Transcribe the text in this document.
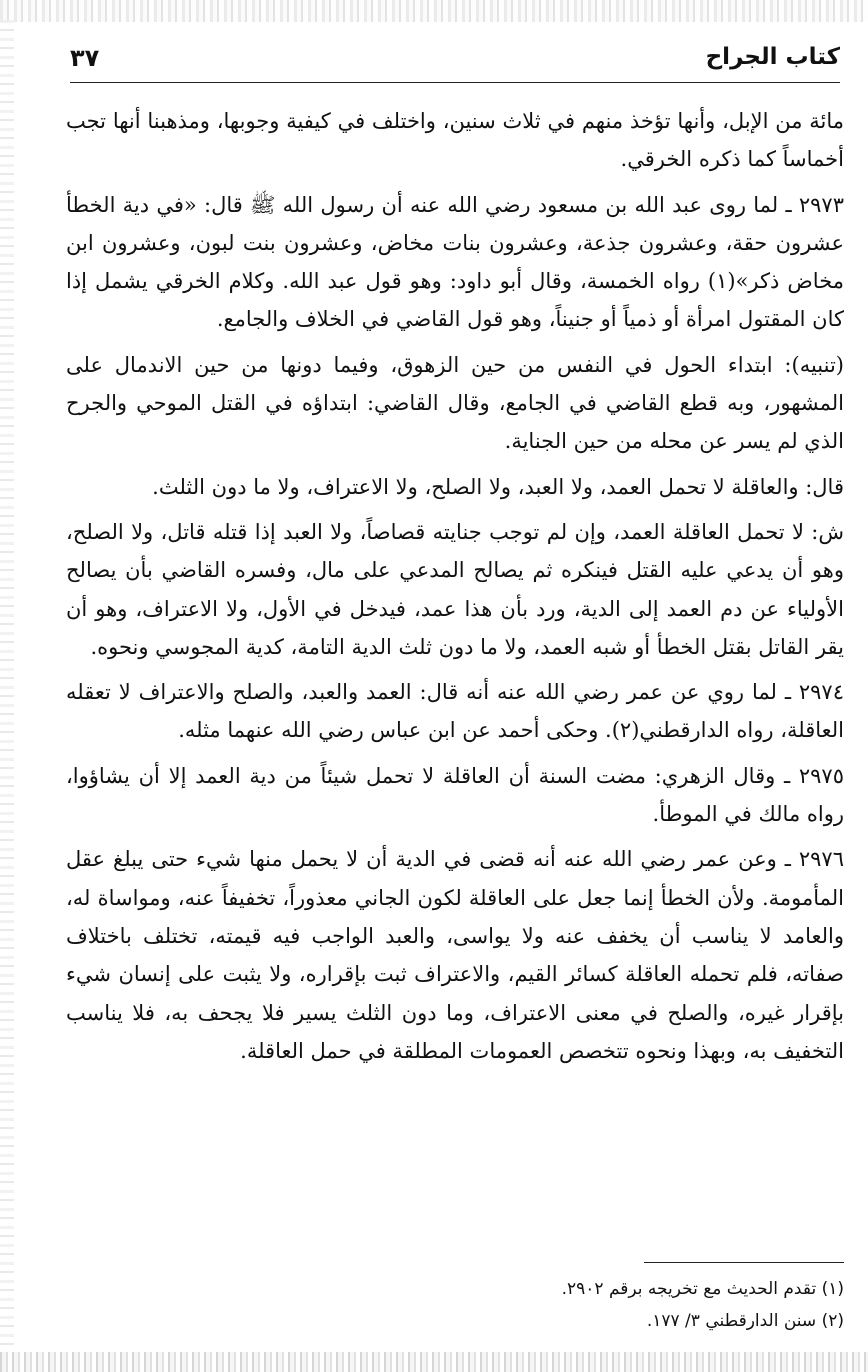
٣٧	كتاب الجراح

مائة من الإبل، وأنها تؤخذ منهم في ثلاث سنين، واختلف في كيفية وجوبها، ومذهبنا أنها تجب أخماساً كما ذكره الخرقي.

٢٩٧٣ ـ لما روى عبد الله بن مسعود رضي الله عنه أن رسول الله ﷺ قال: «في دية الخطأ عشرون حقة، وعشرون جذعة، وعشرون بنات مخاض، وعشرون بنت لبون، وعشرون ابن مخاض ذكر»(١) رواه الخمسة، وقال أبو داود: وهو قول عبد الله. وكلام الخرقي يشمل إذا كان المقتول امرأة أو ذمياً أو جنيناً، وهو قول القاضي في الخلاف والجامع.

(تنبيه): ابتداء الحول في النفس من حين الزهوق، وفيما دونها من حين الاندمال على المشهور، وبه قطع القاضي في الجامع، وقال القاضي: ابتداؤه في القتل الموحي والجرح الذي لم يسر عن محله من حين الجناية.

قال: والعاقلة لا تحمل العمد، ولا العبد، ولا الصلح، ولا الاعتراف، ولا ما دون الثلث.

ش: لا تحمل العاقلة العمد، وإن لم توجب جنايته قصاصاً، ولا العبد إذا قتله قاتل، ولا الصلح، وهو أن يدعي عليه القتل فينكره ثم يصالح المدعي على مال، وفسره القاضي بأن يصالح الأولياء عن دم العمد إلى الدية، ورد بأن هذا عمد، فيدخل في الأول، ولا الاعتراف، وهو أن يقر القاتل بقتل الخطأ أو شبه العمد، ولا ما دون ثلث الدية التامة، كدية المجوسي ونحوه.

٢٩٧٤ ـ لما روي عن عمر رضي الله عنه أنه قال: العمد والعبد، والصلح والاعتراف لا تعقله العاقلة، رواه الدارقطني(٢). وحكى أحمد عن ابن عباس رضي الله عنهما مثله.

٢٩٧٥ ـ وقال الزهري: مضت السنة أن العاقلة لا تحمل شيئاً من دية العمد إلا أن يشاؤوا، رواه مالك في الموطأ.

٢٩٧٦ ـ وعن عمر رضي الله عنه أنه قضى في الدية أن لا يحمل منها شيء حتى يبلغ عقل المأمومة. ولأن الخطأ إنما جعل على العاقلة لكون الجاني معذوراً، تخفيفاً عنه، ومواساة له، والعامد لا يناسب أن يخفف عنه ولا يواسى، والعبد الواجب فيه قيمته، تختلف باختلاف صفاته، فلم تحمله العاقلة كسائر القيم، والاعتراف ثبت بإقراره، ولا يثبت على إنسان شيء بإقرار غيره، والصلح في معنى الاعتراف، وما دون الثلث يسير فلا يجحف به، فلا يناسب التخفيف به، وبهذا ونحوه تتخصص العمومات المطلقة في حمل العاقلة.

(١) تقدم الحديث مع تخريجه برقم ٢٩٠٢.

(٢) سنن الدارقطني ٣/ ١٧٧.
